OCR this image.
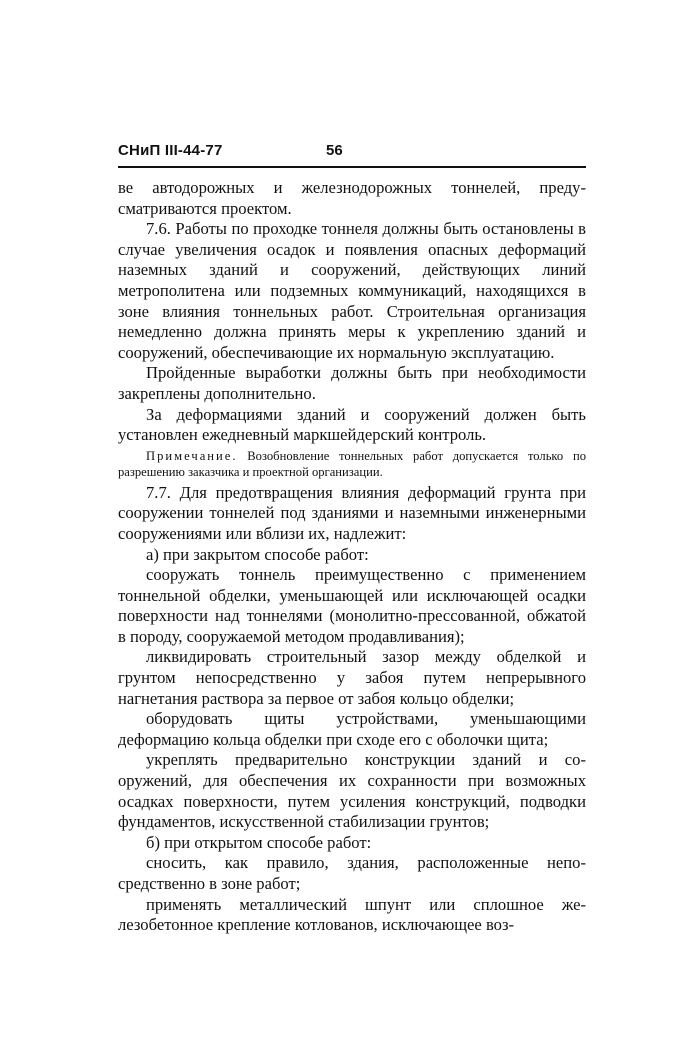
СНиП III-44-77	56

ве автодорожных и железнодорожных тоннелей, предусматриваются проектом.

7.6. Работы по проходке тоннеля должны быть остановлены в случае увеличения осадок и появления опасных деформаций наземных зданий и сооружений, действующих линий метрополитена или подземных коммуникаций, находящихся в зоне влияния тоннельных работ. Строительная организация немедленно должна принять меры к укреплению зданий и сооружений, обеспечивающие их нормальную эксплуатацию.

Пройденные выработки должны быть при необходимости закреплены дополнительно.

За деформациями зданий и сооружений должен быть установлен ежедневный маркшейдерский контроль.

Примечание. Возобновление тоннельных работ допускается только по разрешению заказчика и проектной организации.

7.7. Для предотвращения влияния деформаций грунта при сооружении тоннелей под зданиями и наземными инженерными сооружениями или вблизи их, надлежит:

а) при закрытом способе работ:

сооружать тоннель преимущественно с применением тоннельной обделки, уменьшающей или исключающей осадки поверхности над тоннелями (монолитно-прессованной, обжатой в породу, сооружаемой методом продавливания);

ликвидировать строительный зазор между обделкой и грунтом непосредственно у забоя путем непрерывного нагнетания раствора за первое от забоя кольцо обделки;

оборудовать щиты устройствами, уменьшающими деформацию кольца обделки при сходе его с оболочки щита;

укреплять предварительно конструкции зданий и сооружений, для обеспечения их сохранности при возможных осадках поверхности, путем усиления конструкций, подводки фундаментов, искусственной стабилизации грунтов;

б) при открытом способе работ:

сносить, как правило, здания, расположенные непосредственно в зоне работ;

применять металлический шпунт или сплошное железобетонное крепление котлованов, исключающее воз-
